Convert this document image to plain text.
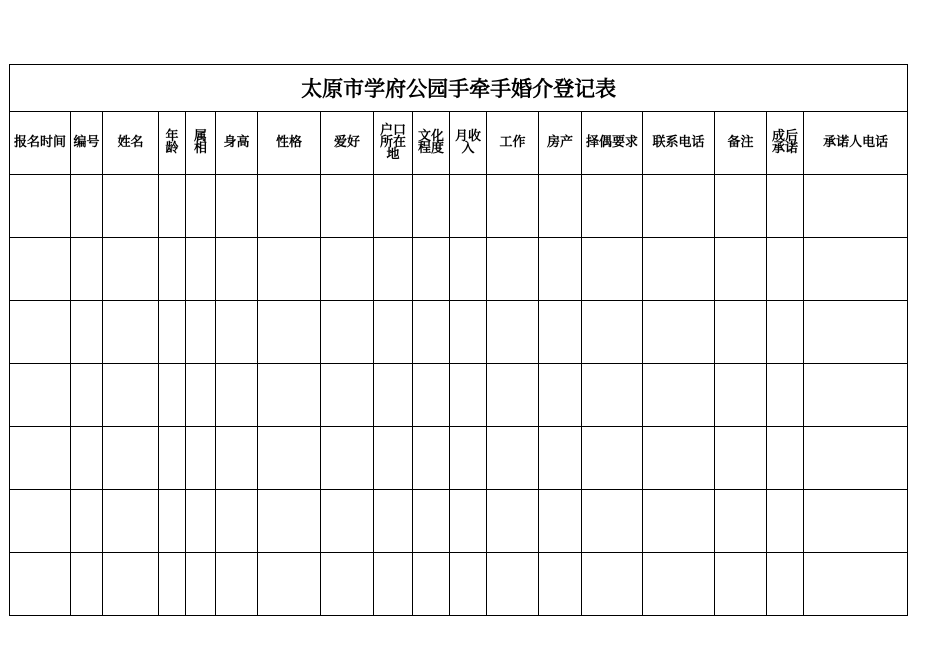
太原市学府公园手牵手婚介登记表																	
报名时间	编号	姓名	年龄	属相	身高	性格	爱好	户口所在地	文化程度	月收入	工作	房产	择偶要求	联系电话	备注	成后承诺	承诺人电话
